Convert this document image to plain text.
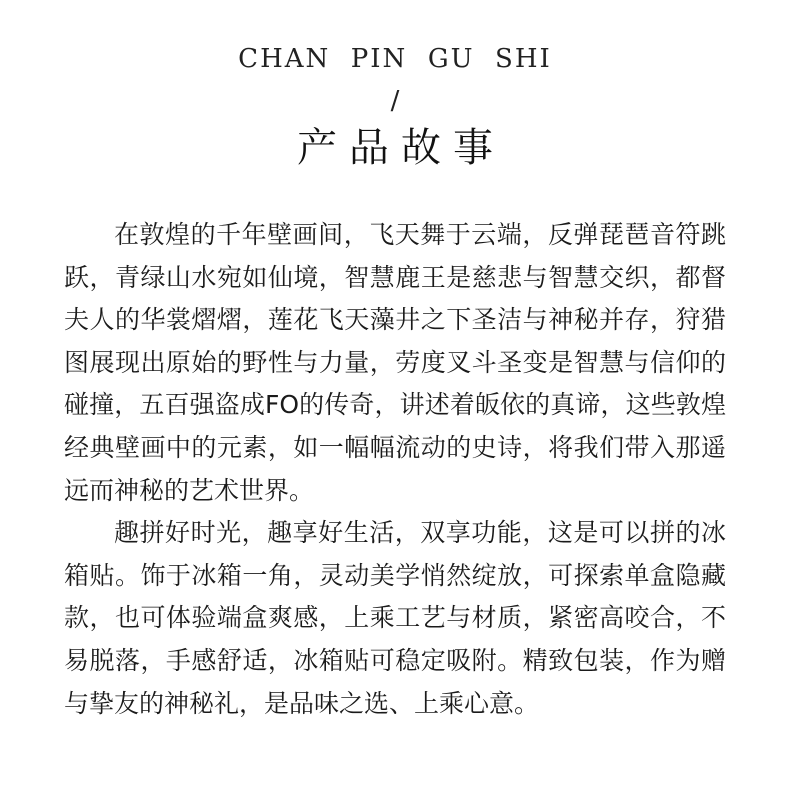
CHAN  PIN  GU  SHI
/
产品故事

在敦煌的千年壁画间，飞天舞于云端，反弹琵琶音符跳跃，青绿山水宛如仙境，智慧鹿王是慈悲与智慧交织，都督夫人的华裳熠熠，莲花飞天藻井之下圣洁与神秘并存，狩猎图展现出原始的野性与力量，劳度叉斗圣变是智慧与信仰的碰撞，五百强盗成FO的传奇，讲述着皈依的真谛，这些敦煌经典壁画中的元素，如一幅幅流动的史诗，将我们带入那遥远而神秘的艺术世界。

趣拼好时光，趣享好生活，双享功能，这是可以拼的冰箱贴。饰于冰箱一角，灵动美学悄然绽放，可探索单盒隐藏款，也可体验端盒爽感，上乘工艺与材质，紧密高咬合，不易脱落，手感舒适，冰箱贴可稳定吸附。精致包装，作为赠与挚友的神秘礼，是品味之选、上乘心意。
